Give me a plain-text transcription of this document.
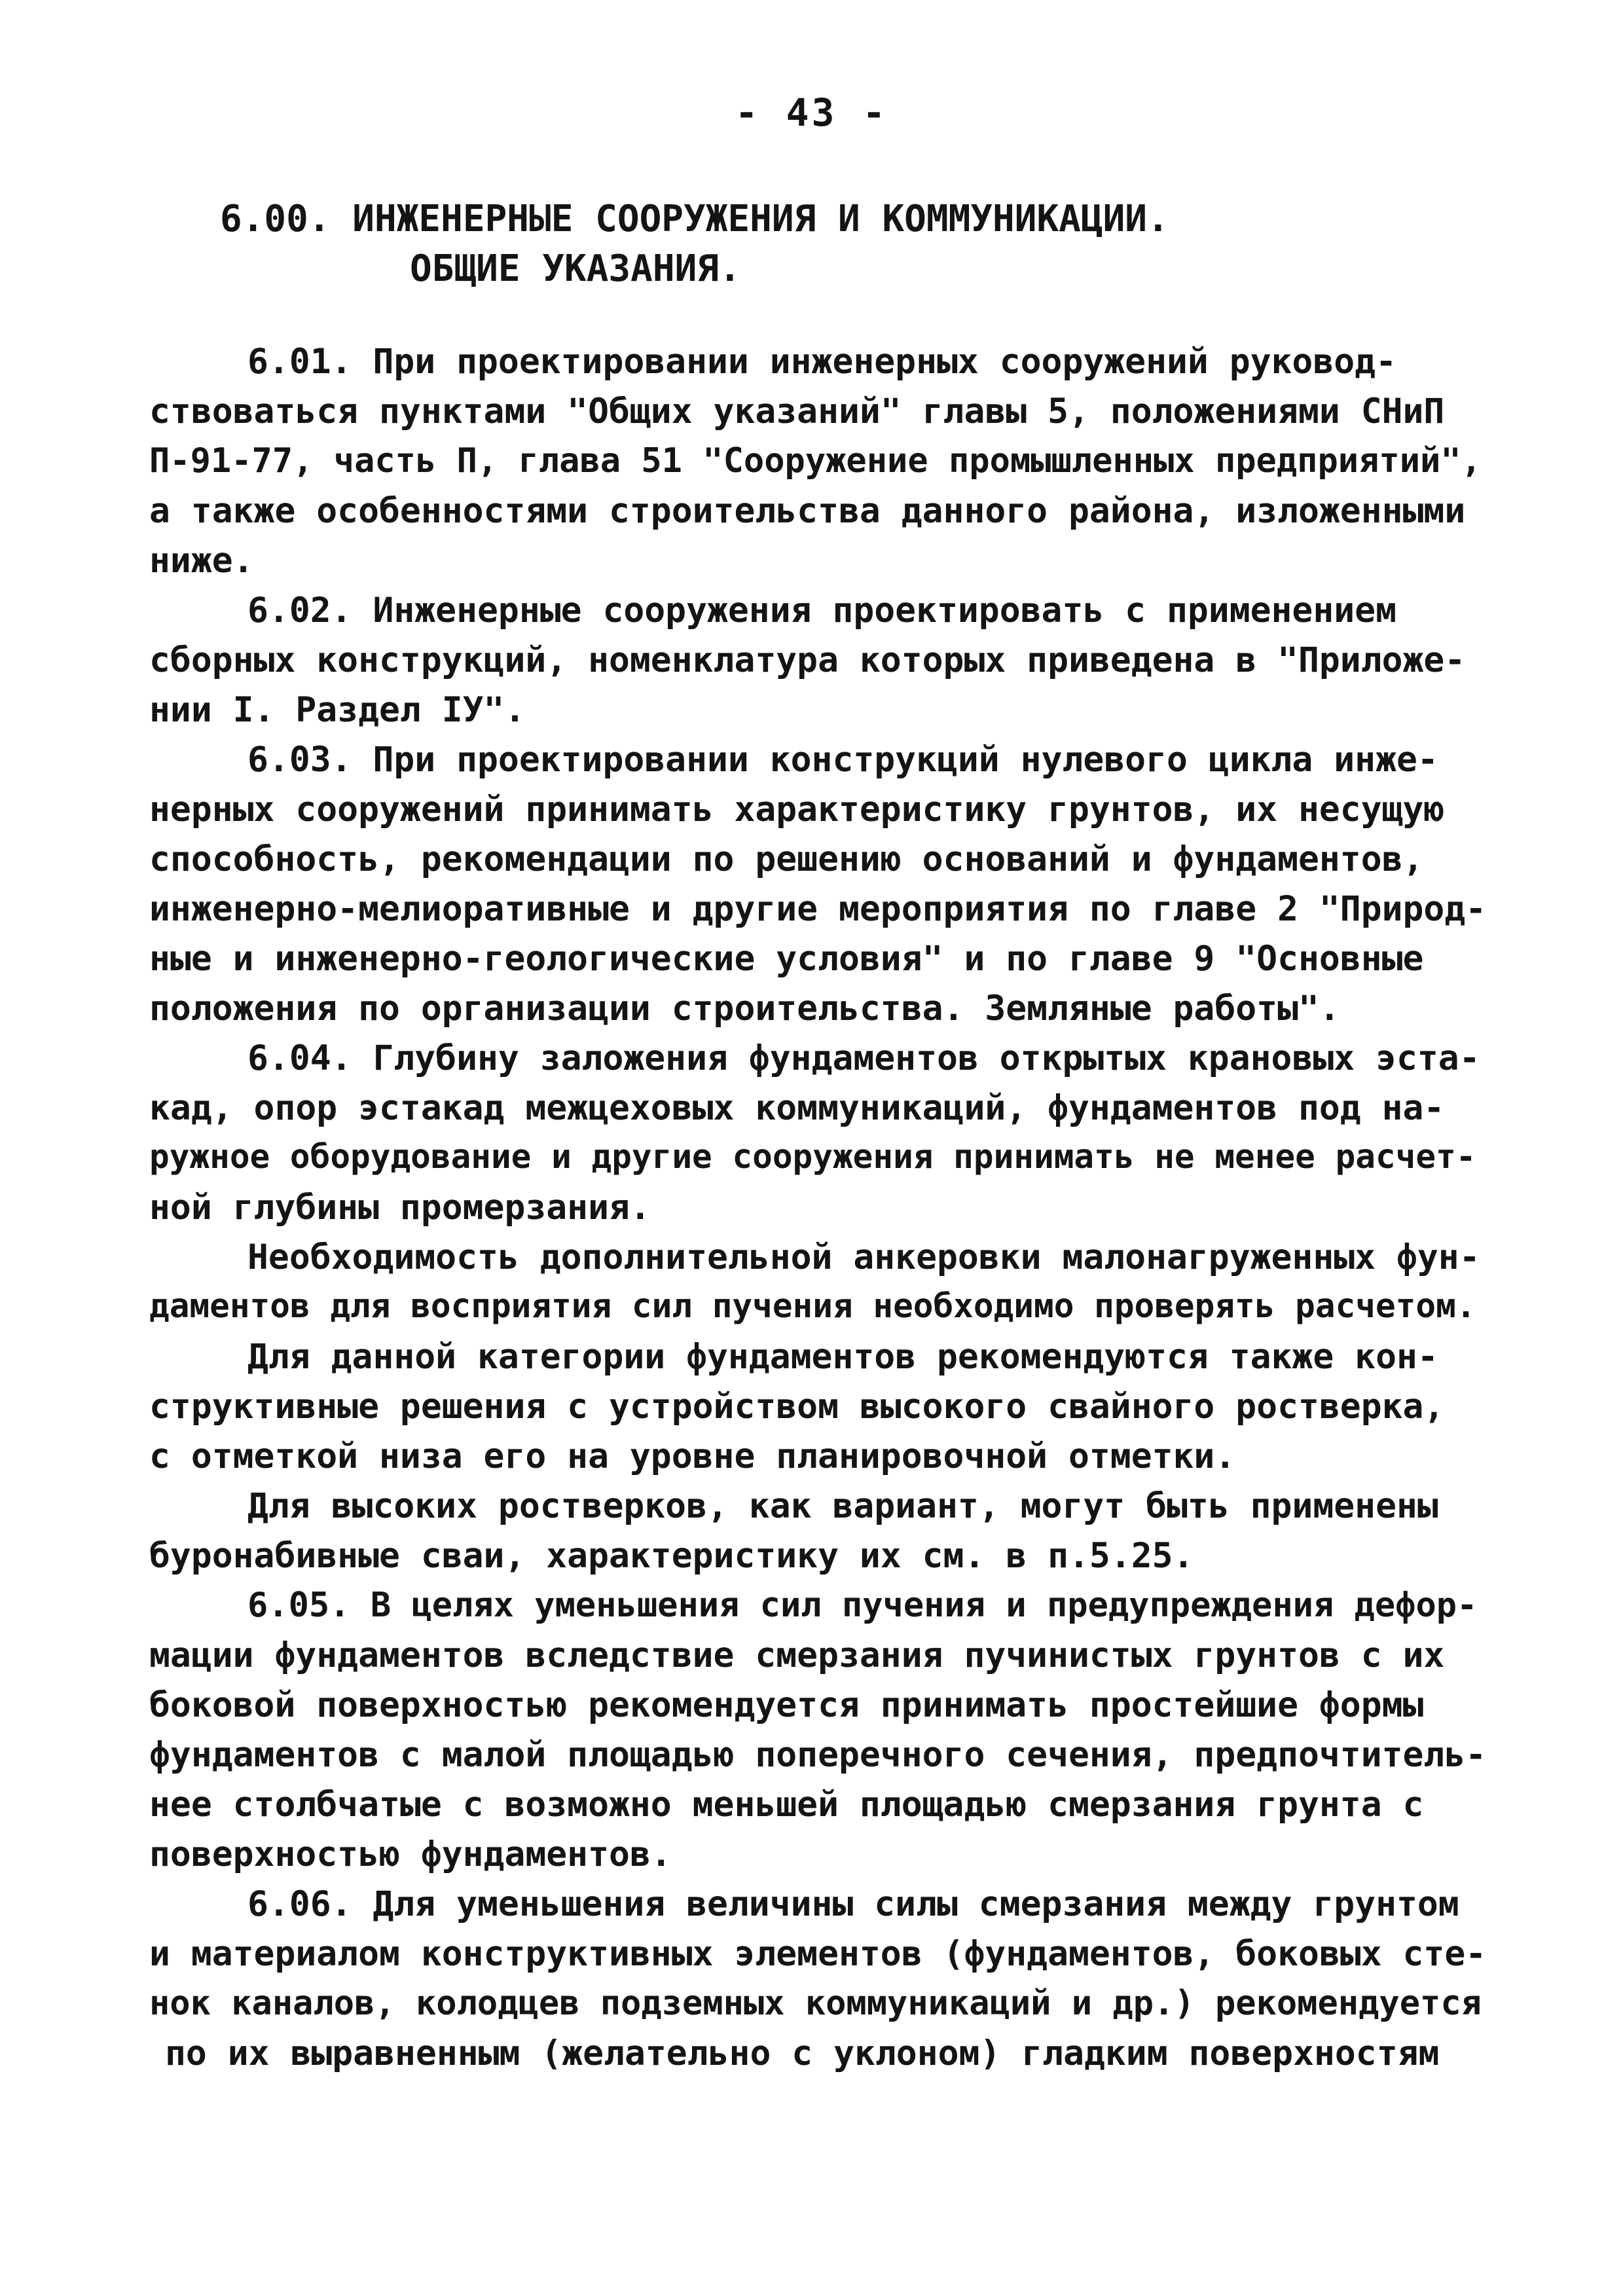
- 43 -
6.00. ИНЖЕНЕРНЫЕ СООРУЖЕНИЯ И КОММУНИКАЦИИ.
ОБЩИЕ УКАЗАНИЯ.
6.01. При проектировании инженерных сооружений руковод-
ствоваться пунктами "Общих указаний" главы 5, положениями СНиП
П-91-77, часть П, глава 51 "Сооружение промышленных предприятий",
а также особенностями строительства данного района, изложенными
ниже.
6.02. Инженерные сооружения проектировать с применением
сборных конструкций, номенклатура которых приведена в "Приложе-
нии I. Раздел IУ".
6.03. При проектировании конструкций нулевого цикла инже-
нерных сооружений принимать характеристику грунтов, их несущую
способность, рекомендации по решению оснований и фундаментов,
инженерно-мелиоративные и другие мероприятия по главе 2 "Природ-
ные и инженерно-геологические условия" и по главе 9 "Основные
положения по организации строительства. Земляные работы".
6.04. Глубину заложения фундаментов открытых крановых эста-
кад, опор эстакад межцеховых коммуникаций, фундаментов под на-
ружное оборудование и другие сооружения принимать не менее расчет-
ной глубины промерзания.
Необходимость дополнительной анкеровки малонагруженных фун-
даментов для восприятия сил пучения необходимо проверять расчетом.
Для данной категории фундаментов рекомендуются также кон-
структивные решения с устройством высокого свайного ростверка,
с отметкой низа его на уровне планировочной отметки.
Для высоких ростверков, как вариант, могут быть применены
буронабивные сваи, характеристику их см. в п.5.25.
6.05. В целях уменьшения сил пучения и предупреждения дефор-
мации фундаментов вследствие смерзания пучинистых грунтов с их
боковой поверхностью рекомендуется принимать простейшие формы
фундаментов с малой площадью поперечного сечения, предпочтитель-
нее столбчатые с возможно меньшей площадью смерзания грунта с
поверхностью фундаментов.
6.06. Для уменьшения величины силы смерзания между грунтом
и материалом конструктивных элементов (фундаментов, боковых сте-
нок каналов, колодцев подземных коммуникаций и др.) рекомендуется
по их выравненным (желательно с уклоном) гладким поверхностям
